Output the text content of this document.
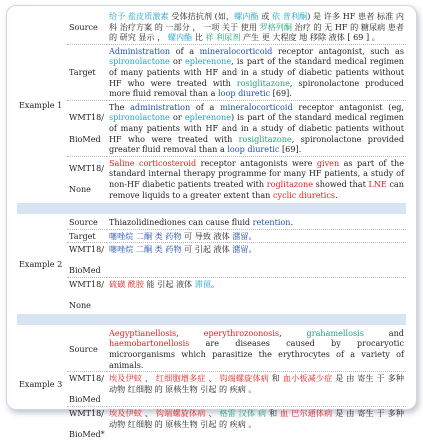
Example 1
Source
给予 盐皮质激素 受体拮抗剂 (如，螺内酯 或 依 普利酮) 是 许多 HF 患者 标准 内科 治疗方案 的 一部分 ， 一项 关于 使用 罗格列酮 治疗 的 无 HF 的 糖尿病 患者 的 研究 显示 ， 螺内酯 比 祥 利尿剂 产生 更 大程度 地 移除 液体 [ 69 ] 。
Target
Administration of a mineralocorticoid receptor antagonist, such as spironolactone or eplerenone, is part of the standard medical regimen of many patients with HF and in a study of diabetic patients without HF who were treated with rosiglitazone, spironolactone produced more fluid removal than a loop diuretic [69].
WMT18/

BioMed
The administration of a mineralocorticoid receptor antagonist (eg, spironolactone or eplerenone) is part of the standard medical regimen of many patients with HF and in a study of diabetic patients without HF who were treated with rosiglitazone, spironolactone provided greater fluid removal than a loop diuretic [69].
WMT18/

None
Saline corticosteroid receptor antagonists were given as part of the standard internal therapy programme for many HF patients, a study of non-HF diabetic patients treated with roglitazone showed that LNE can remove liquids to a greater extent than cyclic diuretics.
Example 2
Source Thiazolidinediones can cause fluid retention.
Target 噻唑烷 二酮 类 药物 可 导致 液体 潴留。
WMT18/

BioMed
噻唑烷 二酮 类 药物 可 引起 液体 潴留。
WMT18/

None
硫磺 酰胺 能 引起 液体 滞留。
Example 3
Source
Aegyptianellosis, eperythrozoonosis, grahamellosis and haemobartonellosis are diseases caused by procaryotic microorganisms which parasitize the erythrocytes of a variety of animals.
WMT18/

BioMed
埃及伊蚊 、 红细胞增多症 、 钩端螺旋体病 和 血小板减少症 是 由 寄生 于 多种 动物 红细胞 的 原核生物 引起 的 疾病 。
WMT18/

BioMed*
埃及伊蚊 、 钩端螺旋体病 、 格雷 汉体 病 和 血 巴尔通体病 是 由 寄生 于 多种 动物 红细胞 的 原核生物 引起 的 疾病 。
